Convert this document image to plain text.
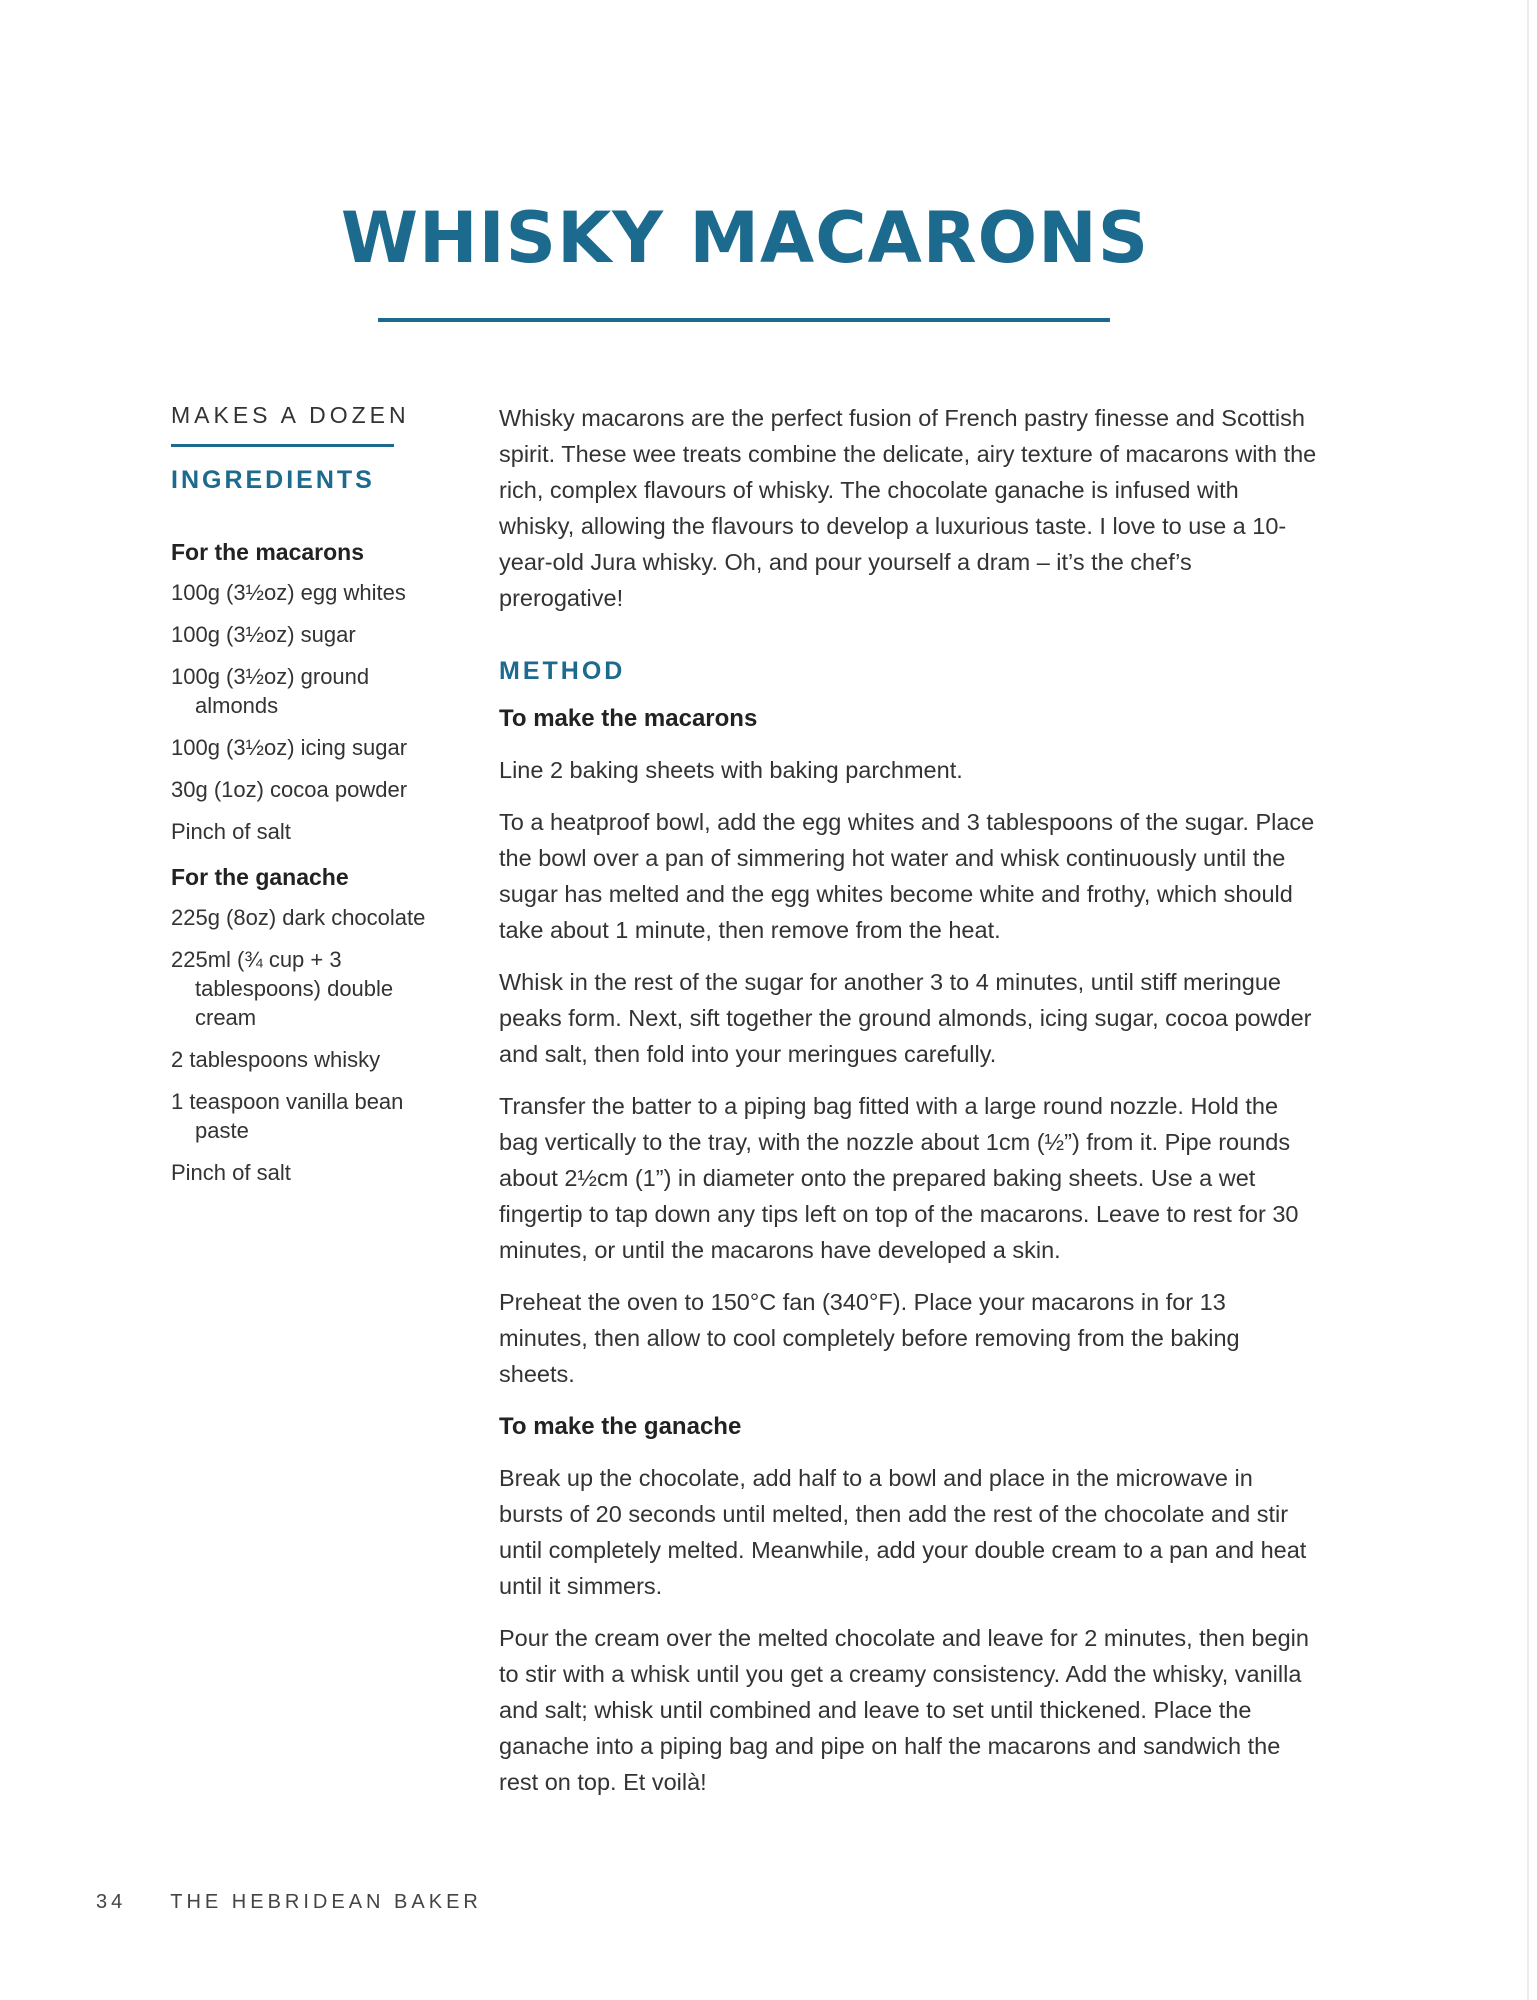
WHISKY MACARONS
MAKES A DOZEN
INGREDIENTS
For the macarons
100g (3½oz) egg whites
100g (3½oz) sugar
100g (3½oz) ground almonds
100g (3½oz) icing sugar
30g (1oz) cocoa powder
Pinch of salt
For the ganache
225g (8oz) dark chocolate
225ml (¾ cup + 3 tablespoons) double cream
2 tablespoons whisky
1 teaspoon vanilla bean paste
Pinch of salt

Whisky macarons are the perfect fusion of French pastry finesse and Scottish spirit. These wee treats combine the delicate, airy texture of macarons with the rich, complex flavours of whisky. The chocolate ganache is infused with whisky, allowing the flavours to develop a luxurious taste. I love to use a 10-year-old Jura whisky. Oh, and pour yourself a dram – it’s the chef’s prerogative!

METHOD
To make the macarons

Line 2 baking sheets with baking parchment.

To a heatproof bowl, add the egg whites and 3 tablespoons of the sugar. Place the bowl over a pan of simmering hot water and whisk continuously until the sugar has melted and the egg whites become white and frothy, which should take about 1 minute, then remove from the heat.

Whisk in the rest of the sugar for another 3 to 4 minutes, until stiff meringue peaks form. Next, sift together the ground almonds, icing sugar, cocoa powder and salt, then fold into your meringues carefully.

Transfer the batter to a piping bag fitted with a large round nozzle. Hold the bag vertically to the tray, with the nozzle about 1cm (½”) from it. Pipe rounds about 2½cm (1”) in diameter onto the prepared baking sheets. Use a wet fingertip to tap down any tips left on top of the macarons. Leave to rest for 30 minutes, or until the macarons have developed a skin.

Preheat the oven to 150°C fan (340°F). Place your macarons in for 13 minutes, then allow to cool completely before removing from the baking sheets.

To make the ganache

Break up the chocolate, add half to a bowl and place in the microwave in bursts of 20 seconds until melted, then add the rest of the chocolate and stir until completely melted. Meanwhile, add your double cream to a pan and heat until it simmers.

Pour the cream over the melted chocolate and leave for 2 minutes, then begin to stir with a whisk until you get a creamy consistency. Add the whisky, vanilla and salt; whisk until combined and leave to set until thickened. Place the ganache into a piping bag and pipe on half the macarons and sandwich the rest on top. Et voilà!

34 THE HEBRIDEAN BAKER
